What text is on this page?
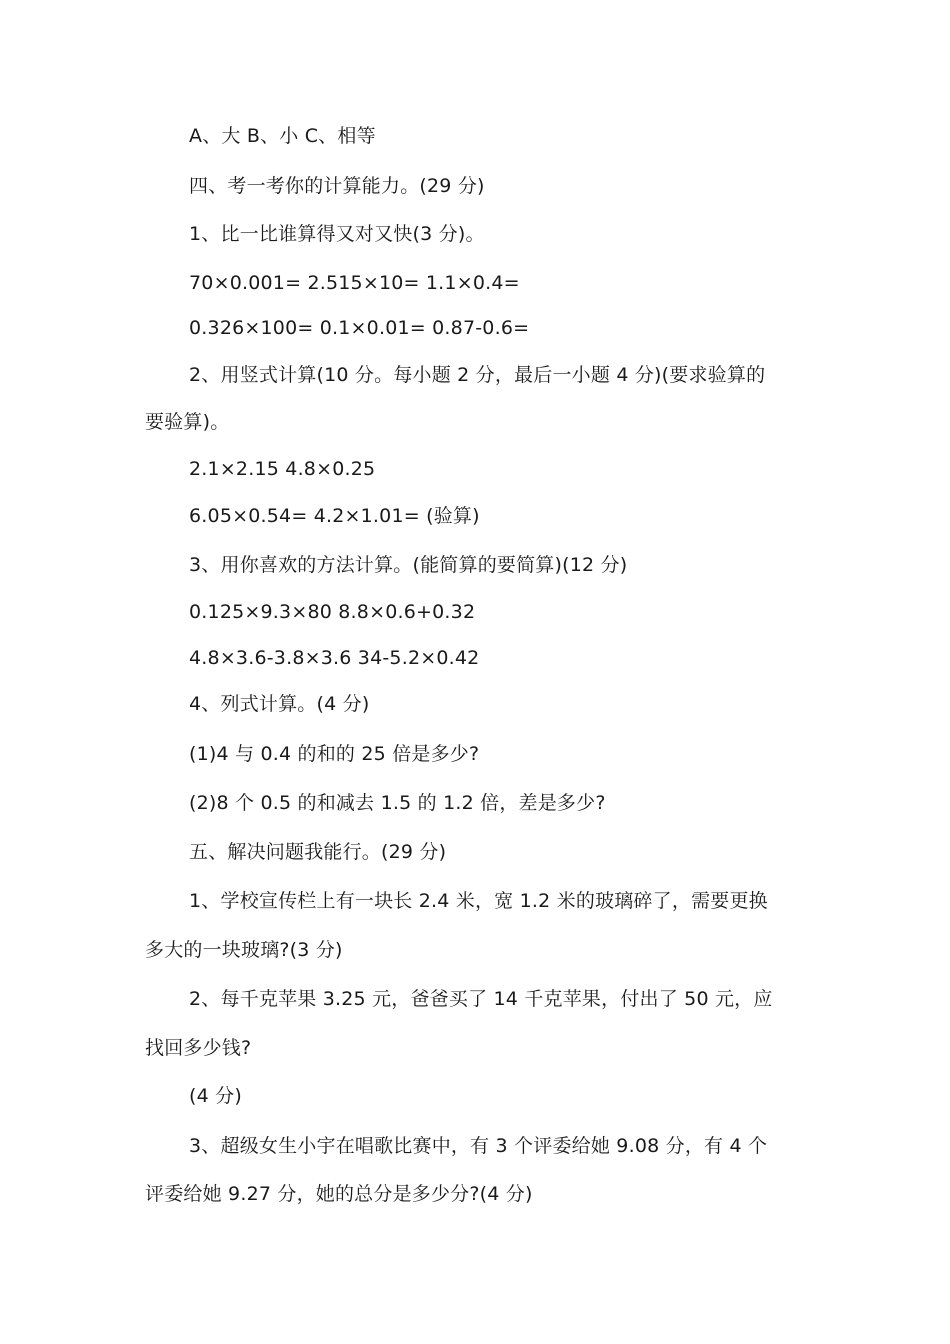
A、大 B、小 C、相等
四、考一考你的计算能力。(29 分)
1、比一比谁算得又对又快(3 分)。
70×0.001= 2.515×10= 1.1×0.4=
0.326×100= 0.1×0.01= 0.87-0.6=
2、用竖式计算(10 分。每小题 2 分，最后一小题 4 分)(要求验算的
要验算)。
2.1×2.15 4.8×0.25
6.05×0.54= 4.2×1.01= (验算)
3、用你喜欢的方法计算。(能简算的要简算)(12 分)
0.125×9.3×80 8.8×0.6+0.32
4.8×3.6-3.8×3.6 34-5.2×0.42
4、列式计算。(4 分)
(1)4 与 0.4 的和的 25 倍是多少?
(2)8 个 0.5 的和减去 1.5 的 1.2 倍，差是多少?
五、解决问题我能行。(29 分)
1、学校宣传栏上有一块长 2.4 米，宽 1.2 米的玻璃碎了，需要更换
多大的一块玻璃?(3 分)
2、每千克苹果 3.25 元，爸爸买了 14 千克苹果，付出了 50 元，应
找回多少钱?
(4 分)
3、超级女生小宇在唱歌比赛中，有 3 个评委给她 9.08 分，有 4 个
评委给她 9.27 分，她的总分是多少分?(4 分)
